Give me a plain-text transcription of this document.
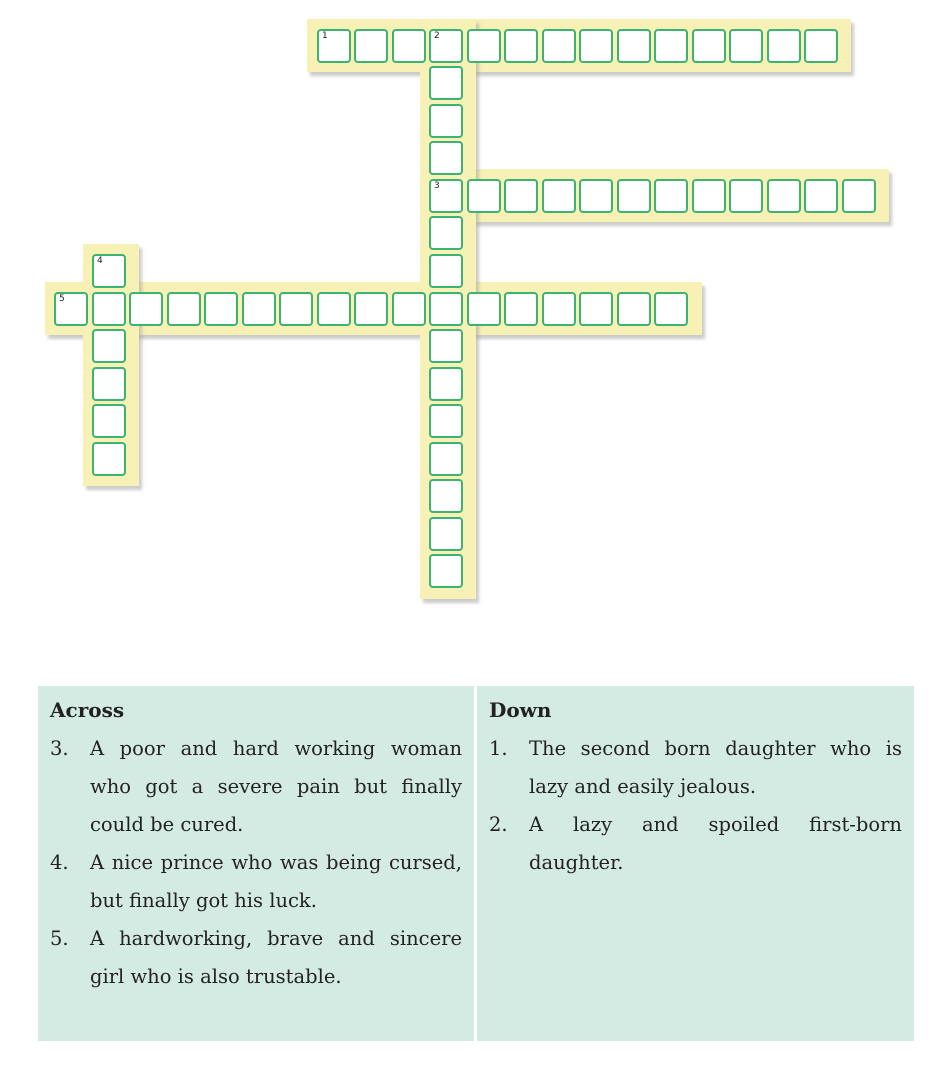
1	2
3
4
5
Across
3.	A poor and hard working woman who got a severe pain but finally could be cured.
4.	A nice prince who was being cursed, but finally got his luck.
5.	A hardworking, brave and sincere girl who is also trustable.
Down
1.	The second born daughter who is lazy and easily jealous.
2.	A lazy and spoiled first-born daughter.
